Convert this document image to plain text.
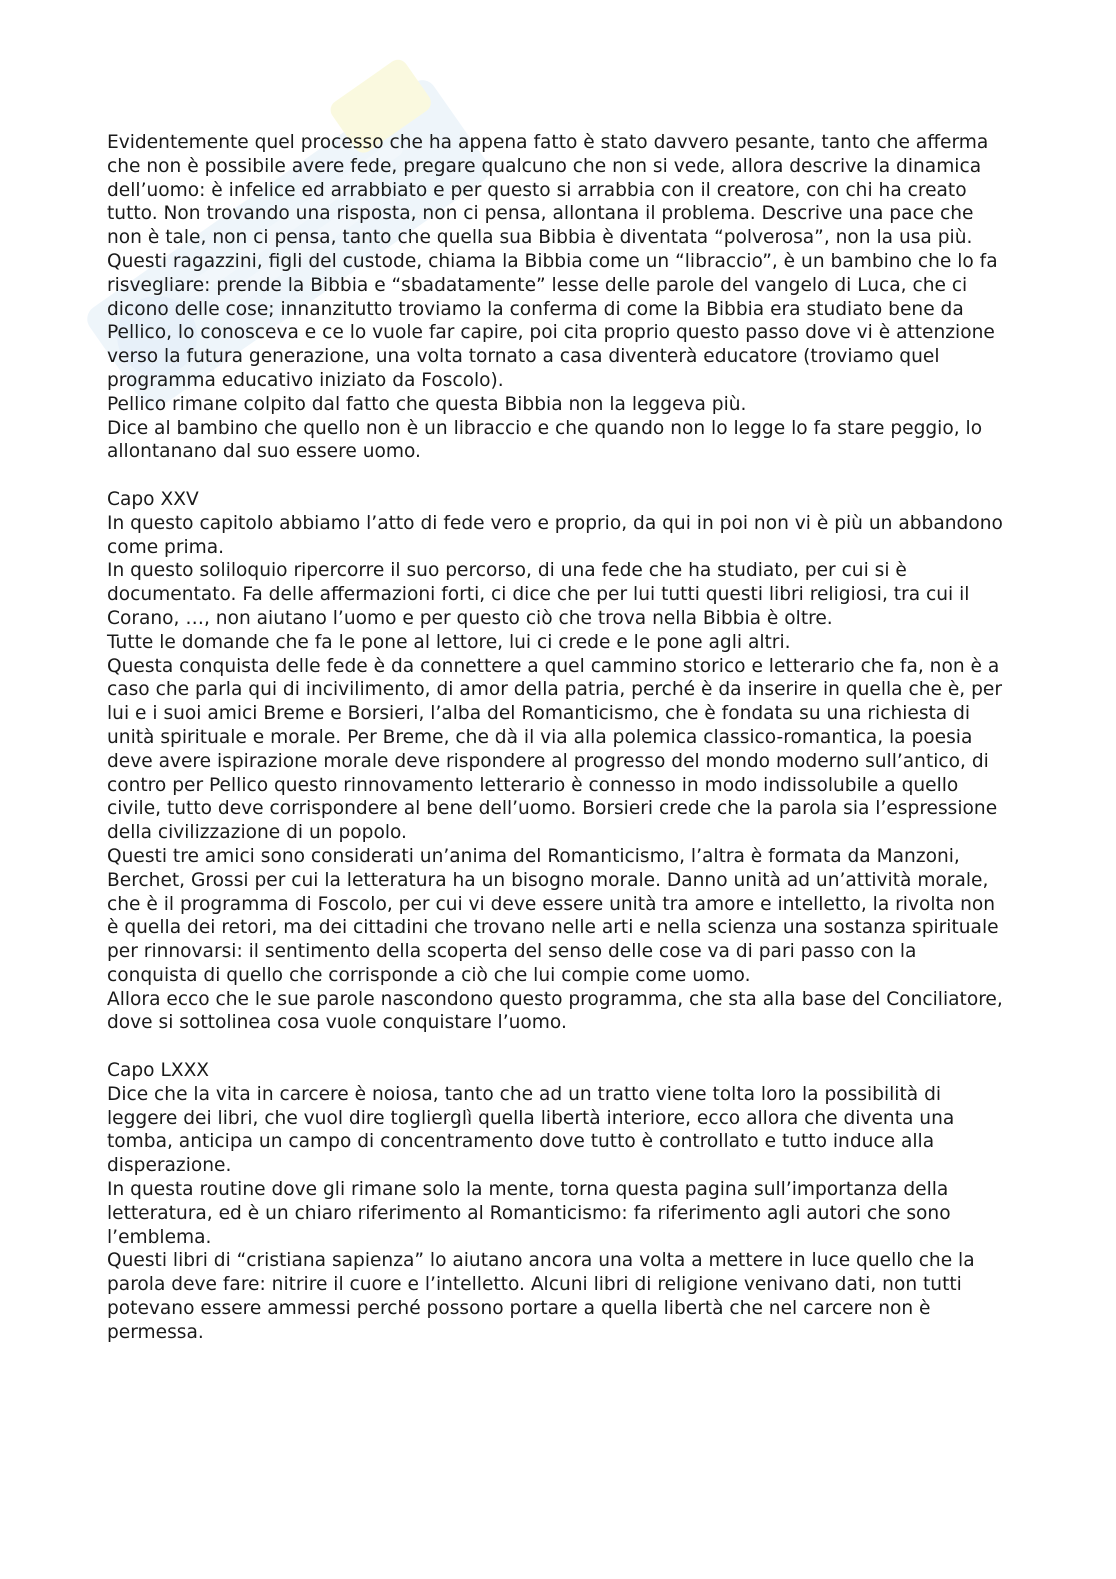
Evidentemente quel processo che ha appena fatto è stato davvero pesante, tanto che afferma che non è possibile avere fede, pregare qualcuno che non si vede, allora descrive la dinamica dell’uomo: è infelice ed arrabbiato e per questo si arrabbia con il creatore, con chi ha creato tutto. Non trovando una risposta, non ci pensa, allontana il problema. Descrive una pace che non è tale, non ci pensa, tanto che quella sua Bibbia è diventata “polverosa”, non la usa più.

Questi ragazzini, figli del custode, chiama la Bibbia come un “libraccio”, è un bambino che lo fa risvegliare: prende la Bibbia e “sbadatamente” lesse delle parole del vangelo di Luca, che ci dicono delle cose; innanzitutto troviamo la conferma di come la Bibbia era studiato bene da Pellico, lo conosceva e ce lo vuole far capire, poi cita proprio questo passo dove vi è attenzione verso la futura generazione, una volta tornato a casa diventerà educatore (troviamo quel programma educativo iniziato da Foscolo).

Pellico rimane colpito dal fatto che questa Bibbia non la leggeva più.

Dice al bambino che quello non è un libraccio e che quando non lo legge lo fa stare peggio, lo allontanano dal suo essere uomo.

Capo XXV

In questo capitolo abbiamo l’atto di fede vero e proprio, da qui in poi non vi è più un abbandono come prima.

In questo soliloquio ripercorre il suo percorso, di una fede che ha studiato, per cui si è documentato. Fa delle affermazioni forti, ci dice che per lui tutti questi libri religiosi, tra cui il Corano, …, non aiutano l’uomo e per questo ciò che trova nella Bibbia è oltre.

Tutte le domande che fa le pone al lettore, lui ci crede e le pone agli altri.

Questa conquista delle fede è da connettere a quel cammino storico e letterario che fa, non è a caso che parla qui di incivilimento, di amor della patria, perché è da inserire in quella che è, per lui e i suoi amici Breme e Borsieri, l’alba del Romanticismo, che è fondata su una richiesta di unità spirituale e morale. Per Breme, che dà il via alla polemica classico-romantica, la poesia deve avere ispirazione morale deve rispondere al progresso del mondo moderno sull’antico, di contro per Pellico questo rinnovamento letterario è connesso in modo indissolubile a quello civile, tutto deve corrispondere al bene dell’uomo. Borsieri crede che la parola sia l’espressione della civilizzazione di un popolo.

Questi tre amici sono considerati un’anima del Romanticismo, l’altra è formata da Manzoni, Berchet, Grossi per cui la letteratura ha un bisogno morale. Danno unità ad un’attività morale, che è il programma di Foscolo, per cui vi deve essere unità tra amore e intelletto, la rivolta non è quella dei retori, ma dei cittadini che trovano nelle arti e nella scienza una sostanza spirituale per rinnovarsi: il sentimento della scoperta del senso delle cose va di pari passo con la conquista di quello che corrisponde a ciò che lui compie come uomo.

Allora ecco che le sue parole nascondono questo programma, che sta alla base del Conciliatore, dove si sottolinea cosa vuole conquistare l’uomo.

Capo LXXX

Dice che la vita in carcere è noiosa, tanto che ad un tratto viene tolta loro la possibilità di leggere dei libri, che vuol dire toglierglì quella libertà interiore, ecco allora che diventa una tomba, anticipa un campo di concentramento dove tutto è controllato e tutto induce alla disperazione.

In questa routine dove gli rimane solo la mente, torna questa pagina sull’importanza della letteratura, ed è un chiaro riferimento al Romanticismo: fa riferimento agli autori che sono l’emblema.

Questi libri di “cristiana sapienza” lo aiutano ancora una volta a mettere in luce quello che la parola deve fare: nitrire il cuore e l’intelletto. Alcuni libri di religione venivano dati, non tutti potevano essere ammessi perché possono portare a quella libertà che nel carcere non è permessa.
